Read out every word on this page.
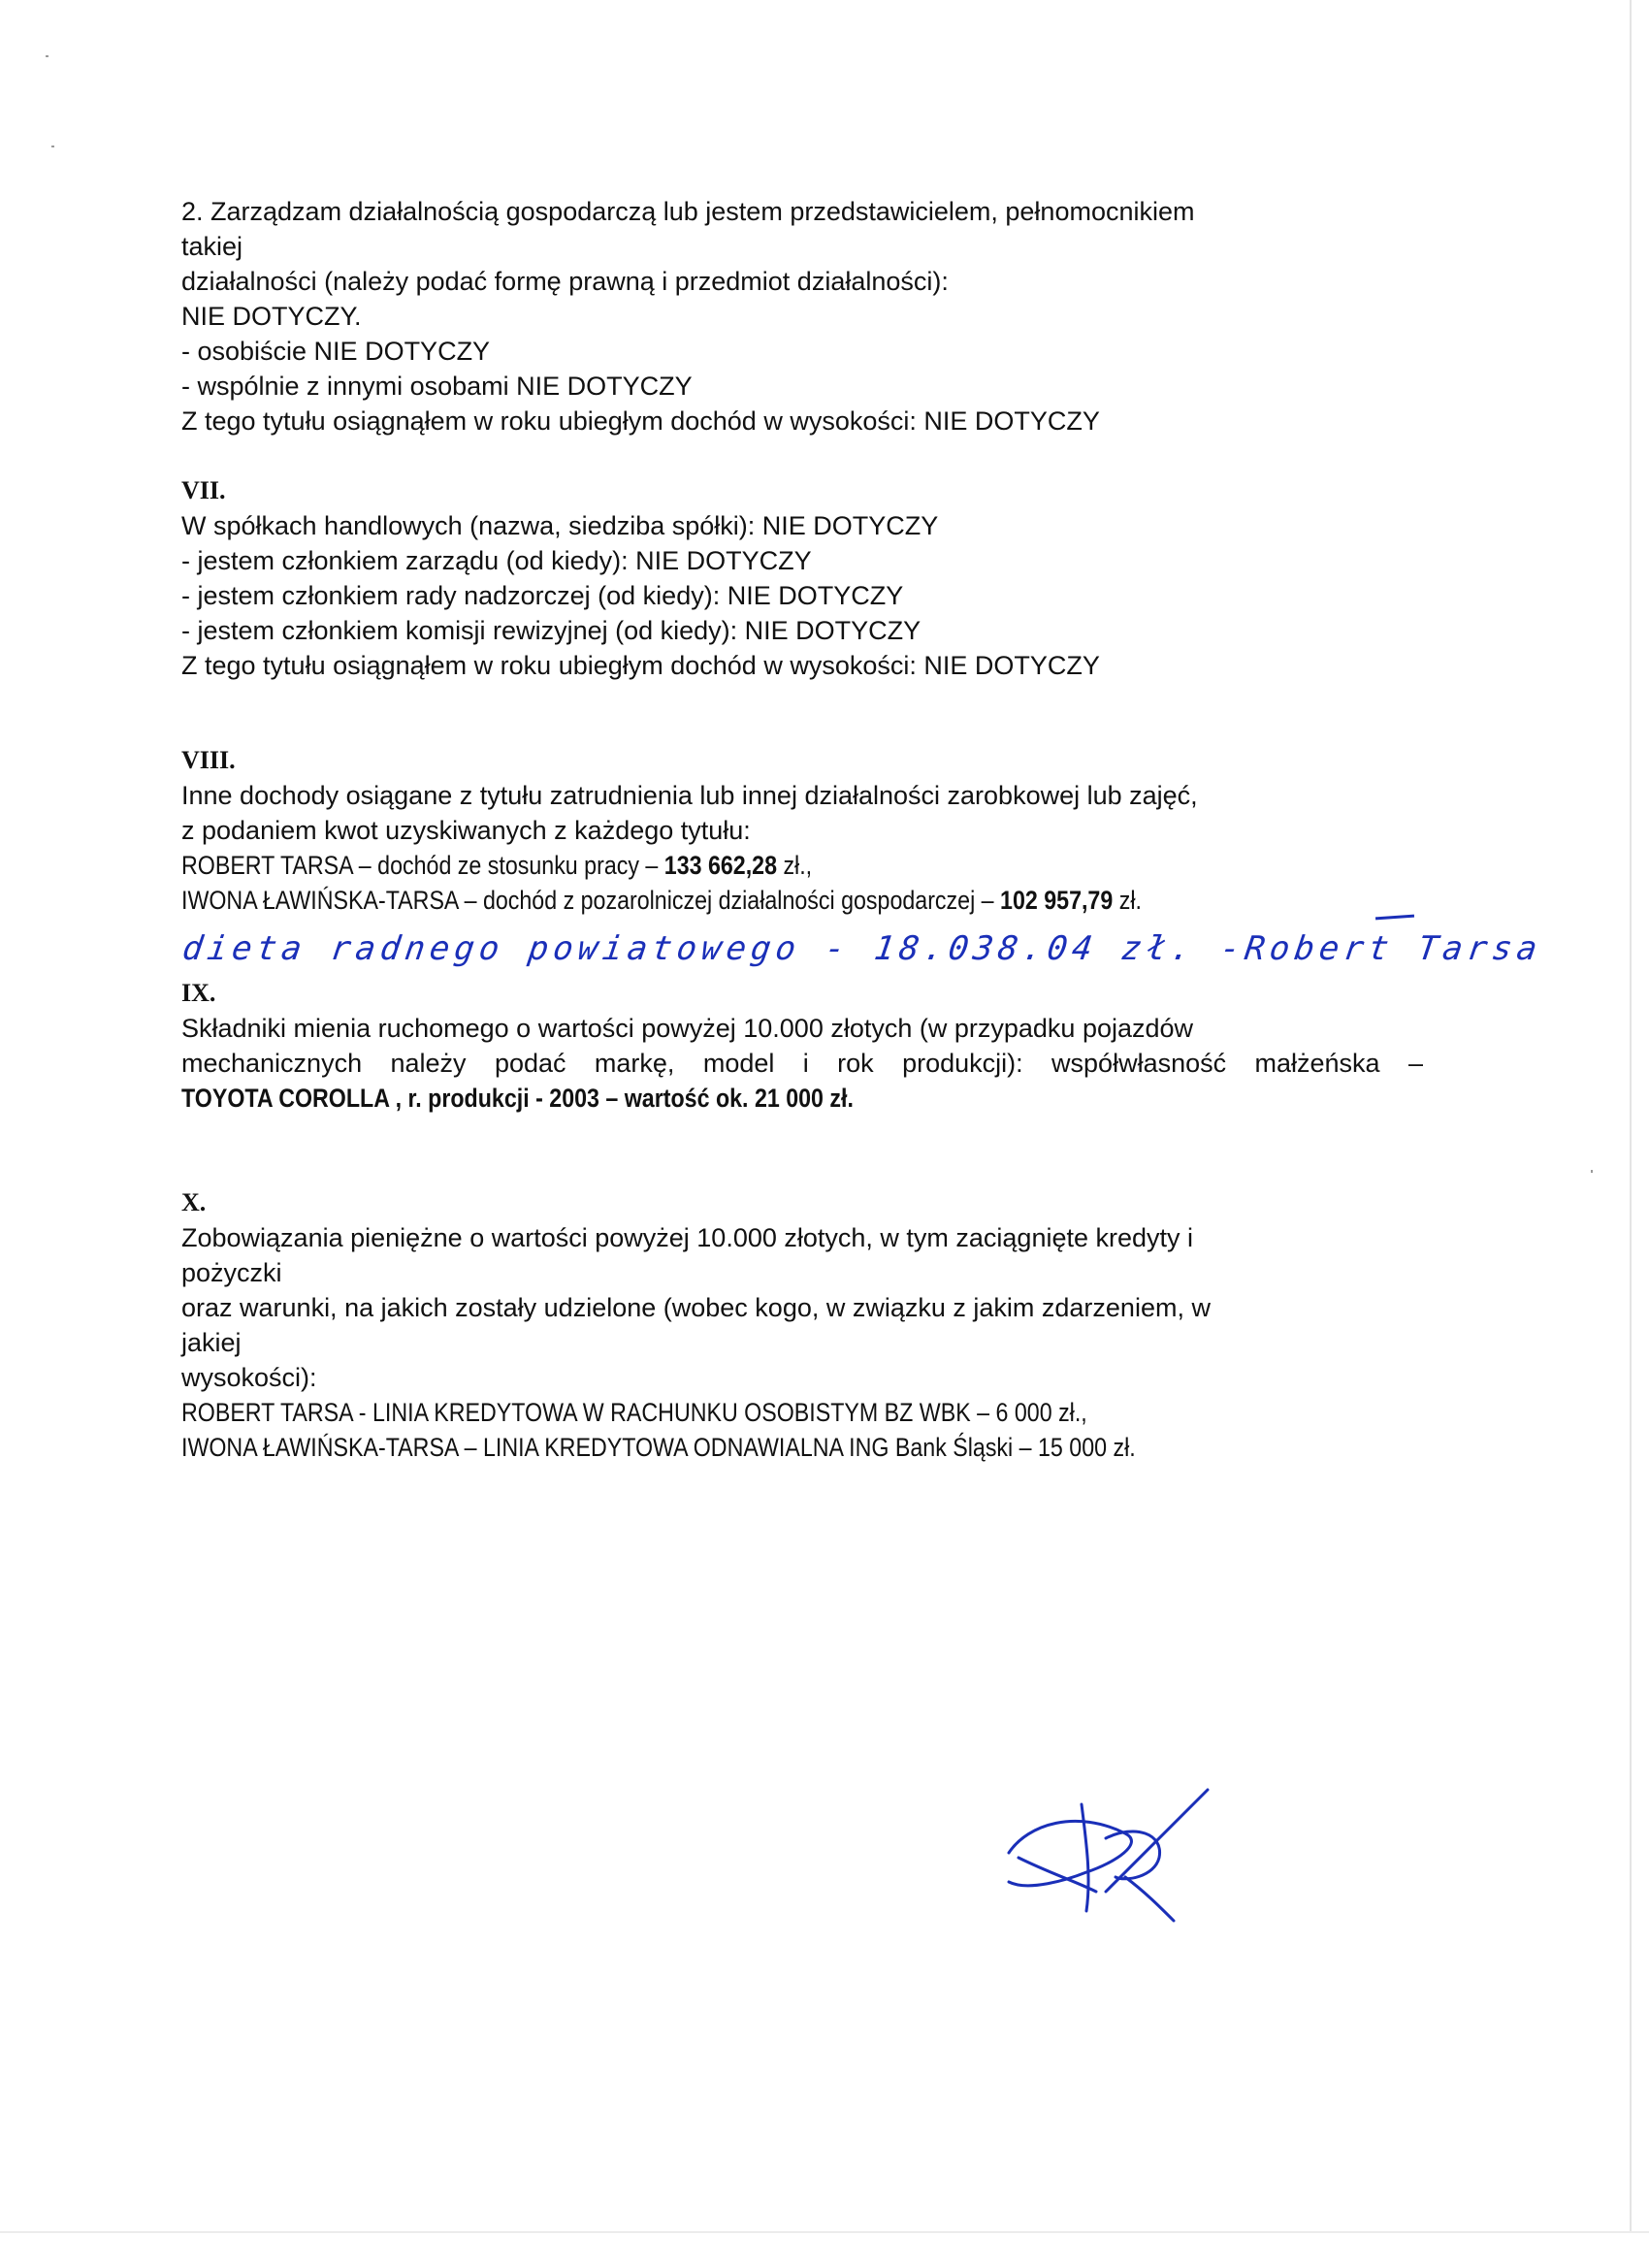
2. Zarządzam działalnością gospodarczą lub jestem przedstawicielem, pełnomocnikiem
takiej
działalności (należy podać formę prawną i przedmiot działalności):
NIE DOTYCZY.
- osobiście NIE DOTYCZY
- wspólnie z innymi osobami NIE DOTYCZY
Z tego tytułu osiągnąłem w roku ubiegłym dochód w wysokości: NIE DOTYCZY
VII.
W spółkach handlowych (nazwa, siedziba spółki): NIE DOTYCZY
- jestem członkiem zarządu (od kiedy): NIE DOTYCZY
- jestem członkiem rady nadzorczej (od kiedy): NIE DOTYCZY
- jestem członkiem komisji rewizyjnej (od kiedy): NIE DOTYCZY
Z tego tytułu osiągnąłem w roku ubiegłym dochód w wysokości: NIE DOTYCZY
VIII.
Inne dochody osiągane z tytułu zatrudnienia lub innej działalności zarobkowej lub zajęć,
z podaniem kwot uzyskiwanych z każdego tytułu:
ROBERT TARSA – dochód ze stosunku pracy – 133 662,28 zł.,
IWONA ŁAWIŃSKA-TARSA – dochód z pozarolniczej działalności gospodarczej – 102 957,79 zł.
IX.
Składniki mienia ruchomego o wartości powyżej 10.000 złotych (w przypadku pojazdów
mechanicznych należy podać markę, model i rok produkcji): współwłasność małżeńska –
TOYOTA COROLLA , r. produkcji - 2003 – wartość ok. 21 000 zł.
X.
Zobowiązania pieniężne o wartości powyżej 10.000 złotych, w tym zaciągnięte kredyty i
pożyczki
oraz warunki, na jakich zostały udzielone (wobec kogo, w związku z jakim zdarzeniem, w
jakiej
wysokości):
ROBERT TARSA - LINIA KREDYTOWA W RACHUNKU OSOBISTYM BZ WBK – 6 000 zł.,
IWONA ŁAWIŃSKA-TARSA – LINIA KREDYTOWA ODNAWIALNA ING Bank Śląski – 15 000 zł.
dieta radnego powiatowego - 18.038.04 zł. -Robert Tarsa
